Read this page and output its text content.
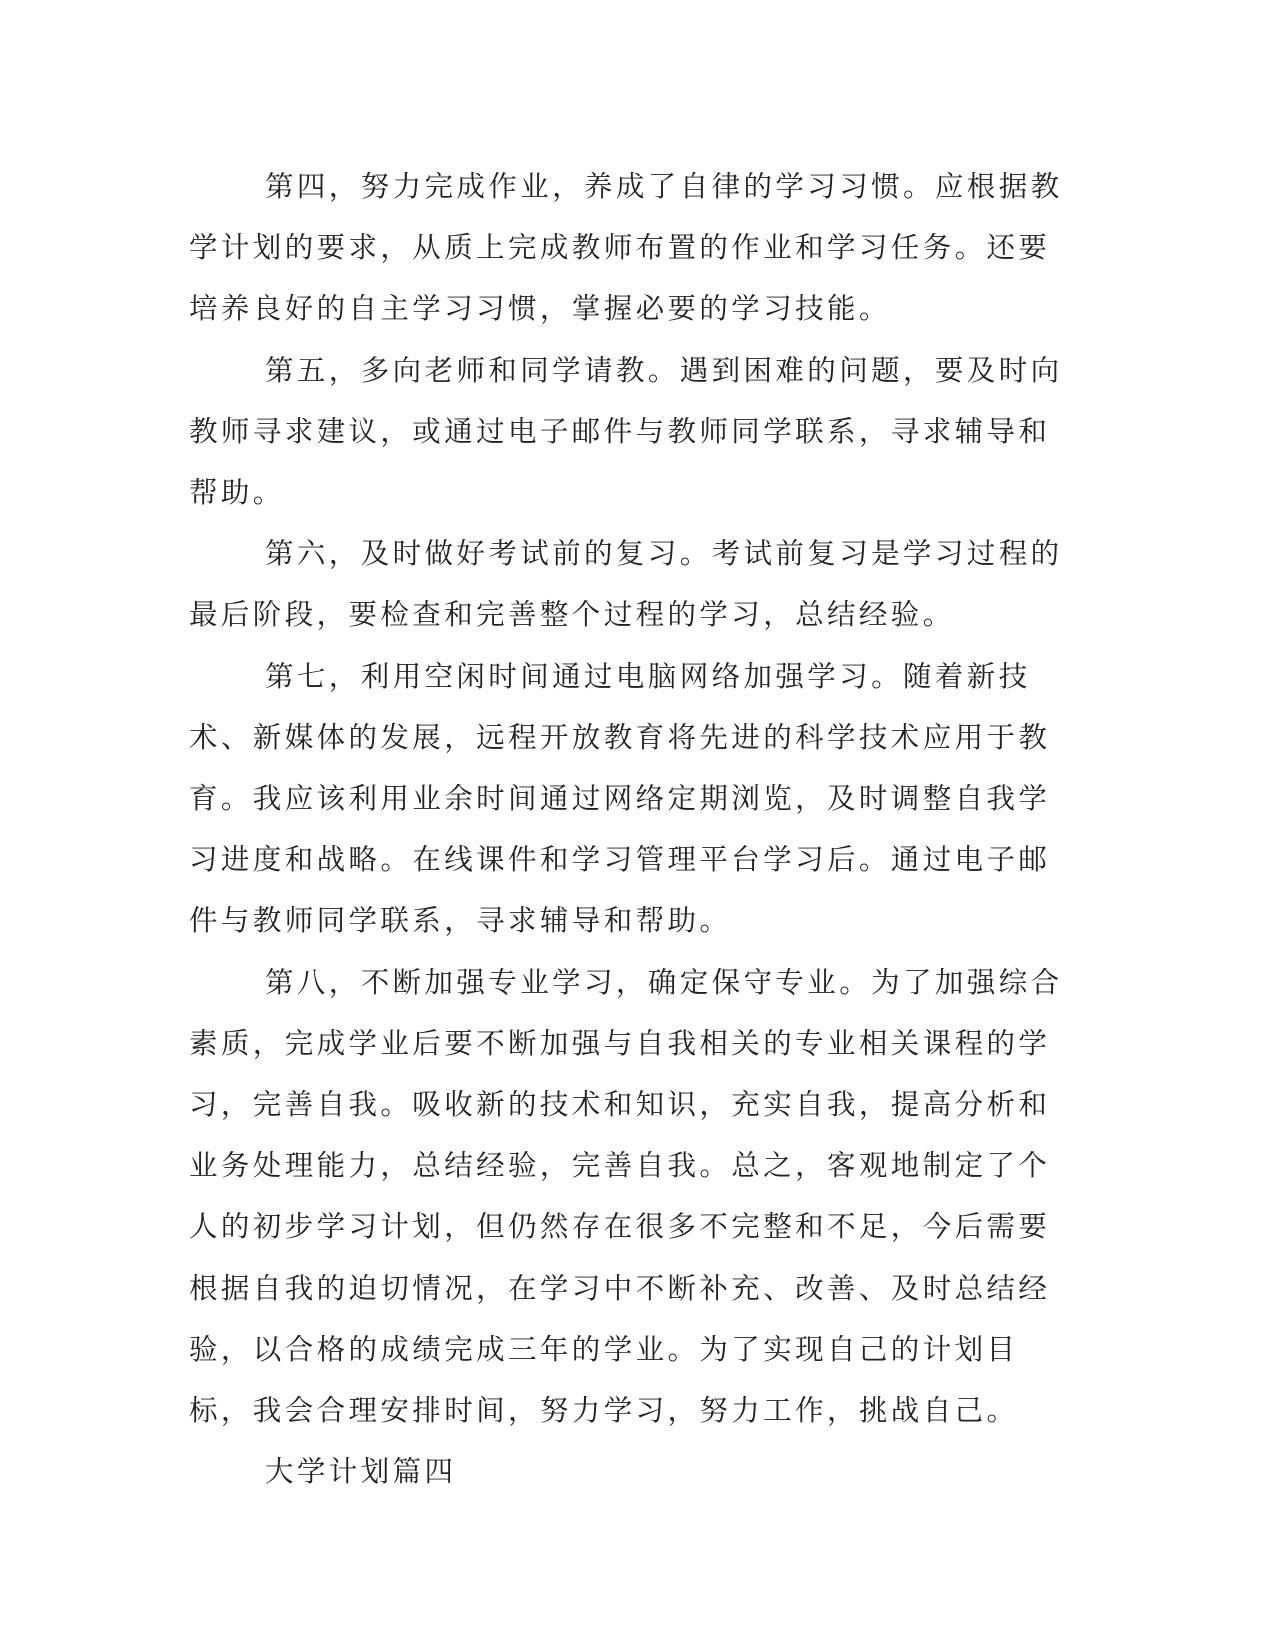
第四，努力完成作业，养成了自律的学习习惯。应根据教学计划的要求，从质上完成教师布置的作业和学习任务。还要培养良好的自主学习习惯，掌握必要的学习技能。

第五，多向老师和同学请教。遇到困难的问题，要及时向教师寻求建议，或通过电子邮件与教师同学联系，寻求辅导和帮助。

第六，及时做好考试前的复习。考试前复习是学习过程的最后阶段，要检查和完善整个过程的学习，总结经验。

第七，利用空闲时间通过电脑网络加强学习。随着新技术、新媒体的发展，远程开放教育将先进的科学技术应用于教育。我应该利用业余时间通过网络定期浏览，及时调整自我学习进度和战略。在线课件和学习管理平台学习后。通过电子邮件与教师同学联系，寻求辅导和帮助。

第八，不断加强专业学习，确定保守专业。为了加强综合素质，完成学业后要不断加强与自我相关的专业相关课程的学习，完善自我。吸收新的技术和知识，充实自我，提高分析和业务处理能力，总结经验，完善自我。总之，客观地制定了个人的初步学习计划，但仍然存在很多不完整和不足，今后需要根据自我的迫切情况，在学习中不断补充、改善、及时总结经验，以合格的成绩完成三年的学业。为了实现自己的计划目标，我会合理安排时间，努力学习，努力工作，挑战自己。

大学计划篇四
